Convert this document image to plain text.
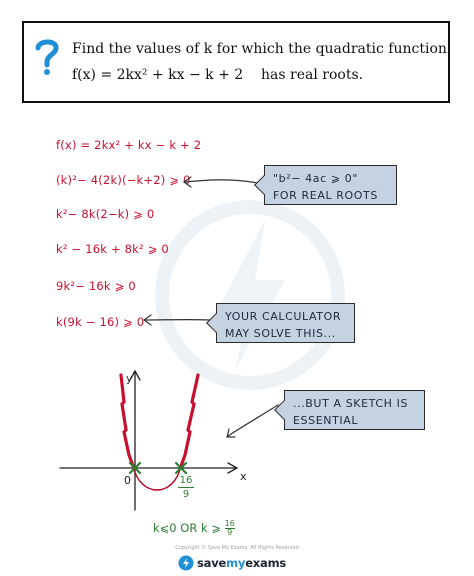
Find the values of k for which the quadratic function
f(x) = 2kx² + kx − k + 2 has real roots.
f(x) = 2kx² + kx − k + 2
(k)²− 4(2k)(−k+2) ⩾ 0
k²− 8k(2−k) ⩾ 0
k² − 16k + 8k² ⩾ 0
9k²− 16k ⩾ 0
k(9k − 16) ⩾ 0
"b²− 4ac ⩾ 0"
FOR REAL ROOTS
YOUR CALCULATOR
MAY SOLVE THIS...
...BUT A SKETCH IS
ESSENTIAL
y
x
0	16
9
k⩽0 OR k ⩾ $\frac{16}{9}$
Copyright © Save My Exams. All Rights Reserved
savemyexams
